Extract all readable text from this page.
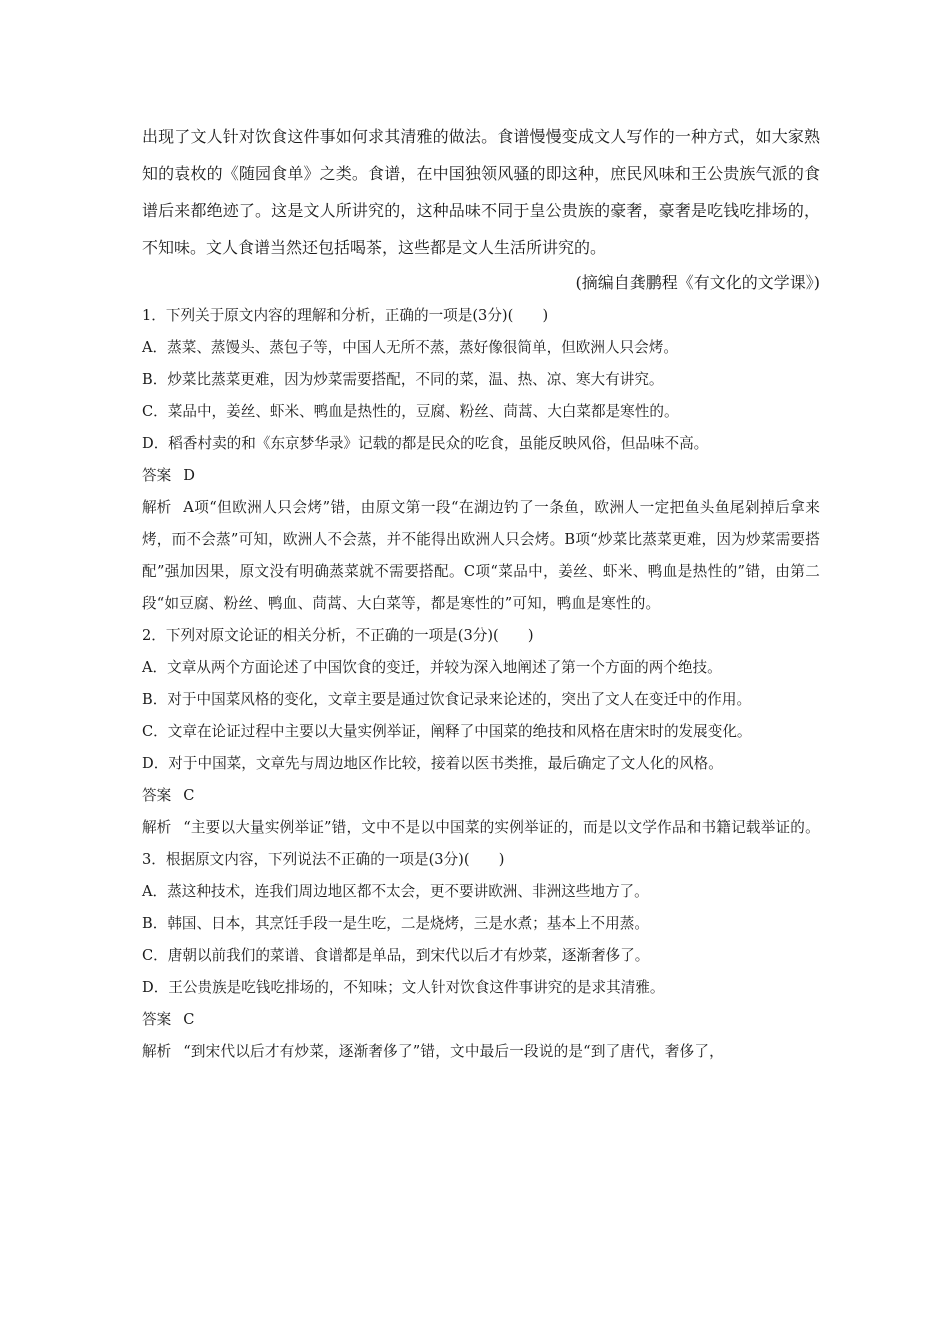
出现了文人针对饮食这件事如何求其清雅的做法。食谱慢慢变成文人写作的一种方式，如大家熟知的袁枚的《随园食单》之类。食谱，在中国独领风骚的即这种，庶民风味和王公贵族气派的食谱后来都绝迹了。这是文人所讲究的，这种品味不同于皇公贵族的豪奢，豪奢是吃钱吃排场的，不知味。文人食谱当然还包括喝茶，这些都是文人生活所讲究的。

(摘编自龚鹏程《有文化的文学课》)

1．下列关于原文内容的理解和分析，正确的一项是(3分)(　　)

A．蒸菜、蒸馒头、蒸包子等，中国人无所不蒸，蒸好像很简单，但欧洲人只会烤。

B．炒菜比蒸菜更难，因为炒菜需要搭配，不同的菜，温、热、凉、寒大有讲究。

C．菜品中，姜丝、虾米、鸭血是热性的，豆腐、粉丝、茼蒿、大白菜都是寒性的。

D．稻香村卖的和《东京梦华录》记载的都是民众的吃食，虽能反映风俗，但品味不高。

答案 D

解析 A项“但欧洲人只会烤”错，由原文第一段“在湖边钓了一条鱼，欧洲人一定把鱼头鱼尾剁掉后拿来烤，而不会蒸”可知，欧洲人不会蒸，并不能得出欧洲人只会烤。B项“炒菜比蒸菜更难，因为炒菜需要搭配”强加因果，原文没有明确蒸菜就不需要搭配。C项“菜品中，姜丝、虾米、鸭血是热性的”错，由第二段“如豆腐、粉丝、鸭血、茼蒿、大白菜等，都是寒性的”可知，鸭血是寒性的。

2．下列对原文论证的相关分析，不正确的一项是(3分)(　　)

A．文章从两个方面论述了中国饮食的变迁，并较为深入地阐述了第一个方面的两个绝技。

B．对于中国菜风格的变化，文章主要是通过饮食记录来论述的，突出了文人在变迁中的作用。

C．文章在论证过程中主要以大量实例举证，阐释了中国菜的绝技和风格在唐宋时的发展变化。

D．对于中国菜，文章先与周边地区作比较，接着以医书类推，最后确定了文人化的风格。

答案 C

解析 “主要以大量实例举证”错，文中不是以中国菜的实例举证的，而是以文学作品和书籍记载举证的。

3．根据原文内容，下列说法不正确的一项是(3分)(　　)

A．蒸这种技术，连我们周边地区都不太会，更不要讲欧洲、非洲这些地方了。

B．韩国、日本，其烹饪手段一是生吃，二是烧烤，三是水煮；基本上不用蒸。

C．唐朝以前我们的菜谱、食谱都是单品，到宋代以后才有炒菜，逐渐奢侈了。

D．王公贵族是吃钱吃排场的，不知味；文人针对饮食这件事讲究的是求其清雅。

答案 C

解析 “到宋代以后才有炒菜，逐渐奢侈了”错，文中最后一段说的是“到了唐代，奢侈了，
